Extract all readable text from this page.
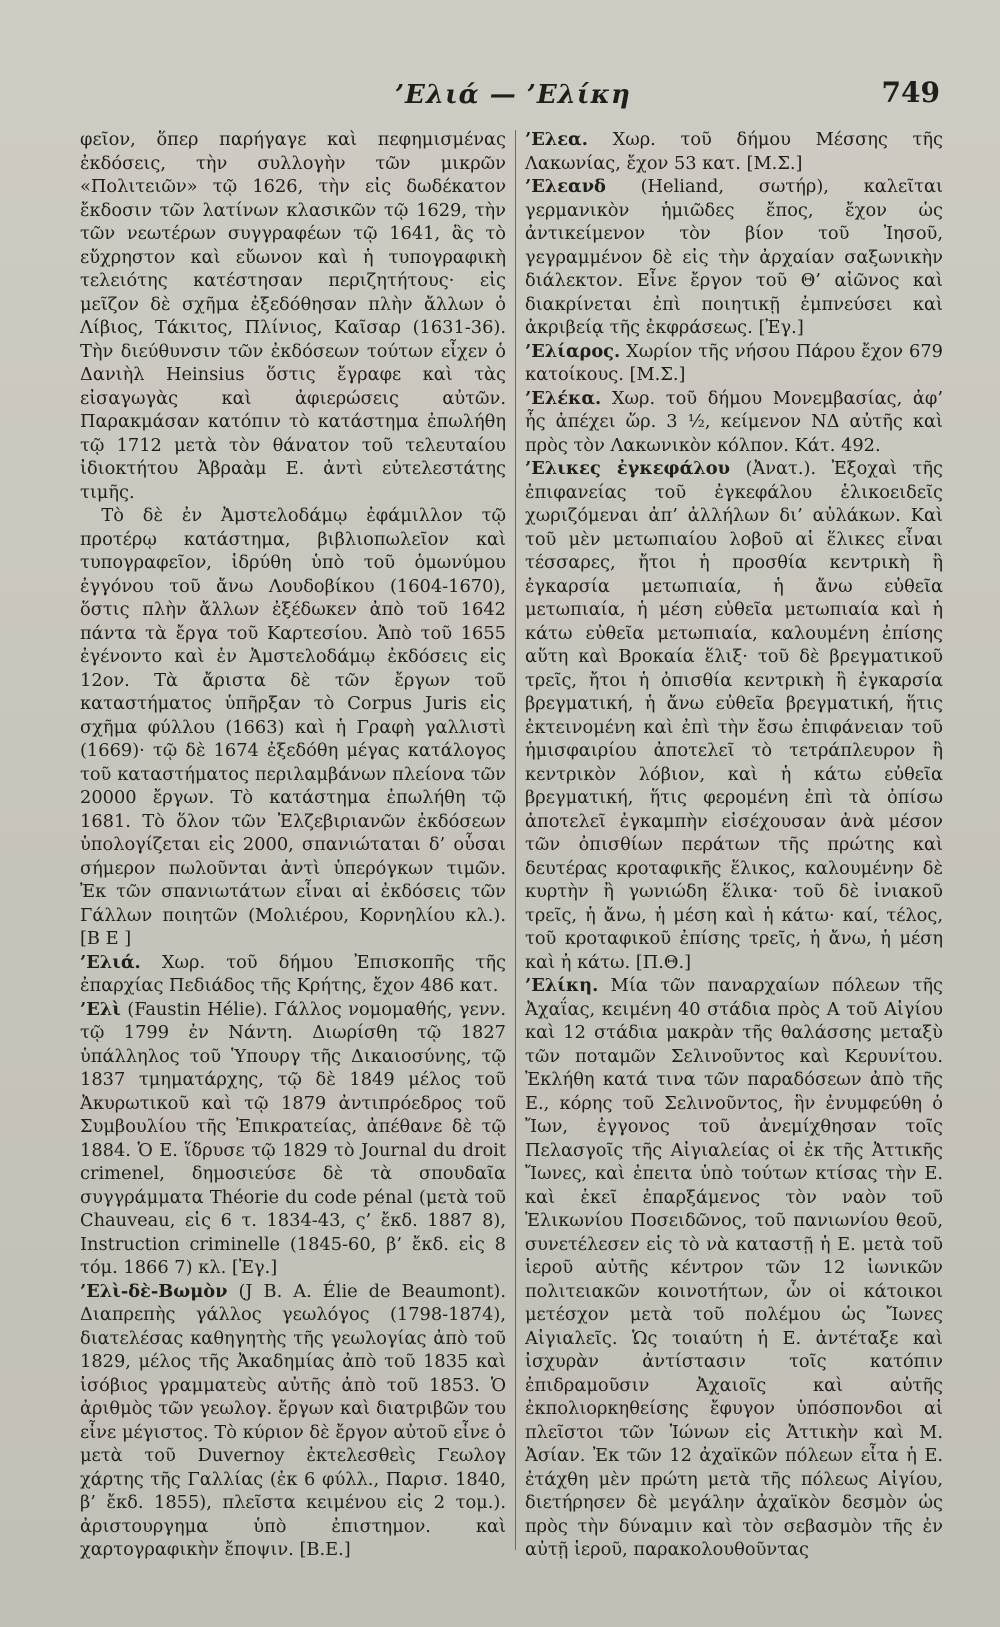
’Ελιά — ’Ελίκη	749

φεῖον, ὅπερ παρήγαγε καὶ πεφημισμένας ἐκδόσεις, τὴν συλλογὴν τῶν μικρῶν «Πολιτειῶν» τῷ 1626, τὴν εἰς δωδέκατον ἔκδοσιν τῶν λατίνων κλασικῶν τῷ 1629, τὴν τῶν νεωτέρων συγγραφέων τῷ 1641, ἃς τὸ εὔχρηστον καὶ εὔωνον καὶ ἡ τυπογραφικὴ τελειότης κατέστησαν περιζητήτους· εἰς μεῖζον δὲ σχῆμα ἐξεδόθησαν πλὴν ἄλλων ὁ Λίβιος, Τάκιτος, Πλίνιος, Καῖσαρ (1631-36). Τὴν διεύθυνσιν τῶν ἐκδόσεων τούτων εἶχεν ὁ Δανιὴλ Heinsius ὅστις ἔγραφε καὶ τὰς εἰσαγωγὰς καὶ ἀφιερώσεις αὐτῶν. Παρακμάσαν κατόπιν τὸ κατάστημα ἐπωλήθη τῷ 1712 μετὰ τὸν θάνατον τοῦ τελευταίου ἰδιοκτήτου Ἀβραὰμ Ε. ἀντὶ εὐτελεστάτης τιμῆς.

Τὸ δὲ ἐν Ἀμστελοδάμῳ ἐφάμιλλον τῷ προτέρῳ κατάστημα, βιβλιοπωλεῖον καὶ τυπογραφεῖον, ἱδρύθη ὑπὸ τοῦ ὁμωνύμου ἐγγόνου τοῦ ἄνω Λουδοβίκου (1604-1670), ὅστις πλὴν ἄλλων ἐξέδωκεν ἀπὸ τοῦ 1642 πάντα τὰ ἔργα τοῦ Καρτεσίου. Ἀπὸ τοῦ 1655 ἐγένοντο καὶ ἐν Ἀμστελοδάμῳ ἐκδόσεις εἰς 12ον. Τὰ ἄριστα δὲ τῶν ἔργων τοῦ καταστήματος ὑπῆρξαν τὸ Corpus Juris εἰς σχῆμα φύλλου (1663) καὶ ἡ Γραφὴ γαλλιστὶ (1669)· τῷ δὲ 1674 ἐξεδόθη μέγας κατάλογος τοῦ καταστήματος περιλαμβάνων πλείονα τῶν 20000 ἔργων. Τὸ κατάστημα ἐπωλήθη τῷ 1681. Τὸ ὅλον τῶν Ἐλζεβιριανῶν ἐκδόσεων ὑπολογίζεται εἰς 2000, σπανιώταται δ’ οὗσαι σήμερον πωλοῦνται ἀντὶ ὑπερόγκων τιμῶν. Ἐκ τῶν σπανιωτάτων εἶναι αἱ ἐκδόσεις τῶν Γάλλων ποιητῶν (Μολιέρου, Κορνηλίου κλ.). [Β Ε ]

’Ελιά. Χωρ. τοῦ δήμου Ἐπισκοπῆς τῆς ἐπαρχίας Πεδιάδος τῆς Κρήτης, ἔχον 486 κατ.

’Ελὶ (Faustin Hélie). Γάλλος νομομαθής, γενν. τῷ 1799 ἐν Νάντη. Διωρίσθη τῷ 1827 ὑπάλληλος τοῦ Ὑπουργ τῆς Δικαιοσύνης, τῷ 1837 τμηματάρχης, τῷ δὲ 1849 μέλος τοῦ Ἀκυρωτικοῦ καὶ τῷ 1879 ἀντιπρόεδρος τοῦ Συμβουλίου τῆς Ἐπικρατείας, ἀπέθανε δὲ τῷ 1884. Ὁ Ε. ἵδρυσε τῷ 1829 τὸ Journal du droit crimenel, δημοσιεύσε δὲ τὰ σπουδαῖα συγγράμματα Théorie du code pénal (μετὰ τοῦ Chauveau, εἰς 6 τ. 1834-43, ς’ ἔκδ. 1887 8), Instruction criminelle (1845-60, β’ ἔκδ. εἰς 8 τόμ. 1866 7) κλ. [Ἐγ.]

’Ελὶ-δὲ-Βωμὸν (J B. A. Élie de Beaumont). Διαπρεπὴς γάλλος γεωλόγος (1798-1874), διατελέσας καθηγητὴς τῆς γεωλογίας ἀπὸ τοῦ 1829, μέλος τῆς Ἀκαδημίας ἀπὸ τοῦ 1835 καὶ ἰσόβιος γραμματεὺς αὐτῆς ἀπὸ τοῦ 1853. Ὁ ἀριθμὸς τῶν γεωλογ. ἔργων καὶ διατριβῶν του εἶνε μέγιστος. Τὸ κύριον δὲ ἔργον αὐτοῦ εἶνε ὁ μετὰ τοῦ Duvernoy ἐκτελεσθεὶς Γεωλογ χάρτης τῆς Γαλλίας (ἐκ 6 φύλλ., Παρισ. 1840, β’ ἔκδ. 1855), πλεῖστα κειμένου εἰς 2 τομ.). ἀριστουργημα ὑπὸ ἐπιστημον. καὶ χαρτογραφικὴν ἔποψιν. [Β.Ε.]

’Ελεα. Χωρ. τοῦ δήμου Μέσσης τῆς Λακωνίας, ἔχον 53 κατ. [Μ.Σ.]

’Ελεανδ (Heliand, σωτήρ), καλεῖται γερμανικὸν ἡμιῶδες ἔπος, ἔχον ὡς ἀντικείμενον τὸν βίον τοῦ Ἰησοῦ, γεγραμμένον δὲ εἰς τὴν ἀρχαίαν σαξωνικὴν διάλεκτον. Εἶνε ἔργον τοῦ Θ’ αἰῶνος καὶ διακρίνεται ἐπὶ ποιητικῇ ἐμπνεύσει καὶ ἀκριβείᾳ τῆς ἐκφράσεως. [Ἐγ.]

’Ελίαρος. Χωρίον τῆς νήσου Πάρου ἔχον 679 κατοίκους. [Μ.Σ.]

’Ελέκα. Χωρ. τοῦ δήμου Μονεμβασίας, ἀφ’ ἧς ἀπέχει ὥρ. 3 ½, κείμενον ΝΔ αὐτῆς καὶ πρὸς τὸν Λακωνικὸν κόλπον. Κάτ. 492.

’Ελικες ἐγκεφάλου (Ἀνατ.). Ἐξοχαὶ τῆς ἐπιφανείας τοῦ ἐγκεφάλου ἑλικοειδεῖς χωριζόμεναι ἀπ’ ἀλλήλων δι’ αὐλάκων. Καὶ τοῦ μὲν μετωπιαίου λοβοῦ αἱ ἕλικες εἶναι τέσσαρες, ἤτοι ἡ προσθία κεντρικὴ ἢ ἐγκαρσία μετωπιαία, ἡ ἄνω εὐθεῖα μετωπιαία, ἡ μέση εὐθεῖα μετωπιαία καὶ ἡ κάτω εὐθεῖα μετωπιαία, καλουμένη ἐπίσης αὕτη καὶ Βροκαία ἕλιξ· τοῦ δὲ βρεγματικοῦ τρεῖς, ἤτοι ἡ ὀπισθία κεντρικὴ ἢ ἐγκαρσία βρεγματική, ἡ ἄνω εὐθεῖα βρεγματική, ἥτις ἐκτεινομένη καὶ ἐπὶ τὴν ἔσω ἐπιφάνειαν τοῦ ἡμισφαιρίου ἀποτελεῖ τὸ τετράπλευρον ἢ κεντρικὸν λόβιον, καὶ ἡ κάτω εὐθεῖα βρεγματική, ἥτις φερομένη ἐπὶ τὰ ὀπίσω ἀποτελεῖ ἐγκαμπὴν εἰσέχουσαν ἀνὰ μέσον τῶν ὀπισθίων περάτων τῆς πρώτης καὶ δευτέρας κροταφικῆς ἕλικος, καλουμένην δὲ κυρτὴν ἢ γωνιώδη ἕλικα· τοῦ δὲ ἰνιακοῦ τρεῖς, ἡ ἄνω, ἡ μέση καὶ ἡ κάτω· καί, τέλος, τοῦ κροταφικοῦ ἐπίσης τρεῖς, ἡ ἄνω, ἡ μέση καὶ ἡ κάτω. [Π.Θ.]

’Ελίκη. Μία τῶν παναρχαίων πόλεων τῆς Ἀχαΐας, κειμένη 40 στάδια πρὸς Α τοῦ Αἰγίου καὶ 12 στάδια μακρὰν τῆς θαλάσσης μεταξὺ τῶν ποταμῶν Σελινοῦντος καὶ Κερυνίτου. Ἐκλήθη κατά τινα τῶν παραδόσεων ἀπὸ τῆς Ε., κόρης τοῦ Σελινοῦντος, ἣν ἐνυμφεύθη ὁ Ἴων, ἐγγονος τοῦ ἀνεμίχθησαν τοῖς Πελασγοῖς τῆς Αἰγιαλείας οἱ ἐκ τῆς Ἀττικῆς Ἴωνες, καὶ ἐπειτα ὑπὸ τούτων κτίσας τὴν Ε. καὶ ἐκεῖ ἐπαρξάμενος τὸν ναὸν τοῦ Ἑλικωνίου Ποσειδῶνος, τοῦ πανιωνίου θεοῦ, συνετέλεσεν εἰς τὸ νὰ καταστῇ ἡ Ε. μετὰ τοῦ ἱεροῦ αὐτῆς κέντρον τῶν 12 ἰωνικῶν πολιτειακῶν κοινοτήτων, ὧν οἱ κάτοικοι μετέσχον μετὰ τοῦ πολέμου ὡς Ἴωνες Αἰγιαλεῖς. Ὡς τοιαύτη ἡ Ε. ἀντέταξε καὶ ἰσχυρὰν ἀντίστασιν τοῖς κατόπιν ἐπιδραμοῦσιν Ἀχαιοῖς καὶ αὐτῆς ἐκπολιορκηθείσης ἔφυγον ὑπόσπονδοι αἱ πλεῖστοι τῶν Ἰώνων εἰς Ἀττικὴν καὶ Μ. Ἀσίαν. Ἐκ τῶν 12 ἀχαϊκῶν πόλεων εἶτα ἡ Ε. ἐτάχθη μὲν πρώτη μετὰ τῆς πόλεως Αἰγίου, διετήρησεν δὲ μεγάλην ἀχαϊκὸν δεσμὸν ὡς πρὸς τὴν δύναμιν καὶ τὸν σεβασμὸν τῆς ἐν αὐτῇ ἱεροῦ, παρακολουθοῦντας
